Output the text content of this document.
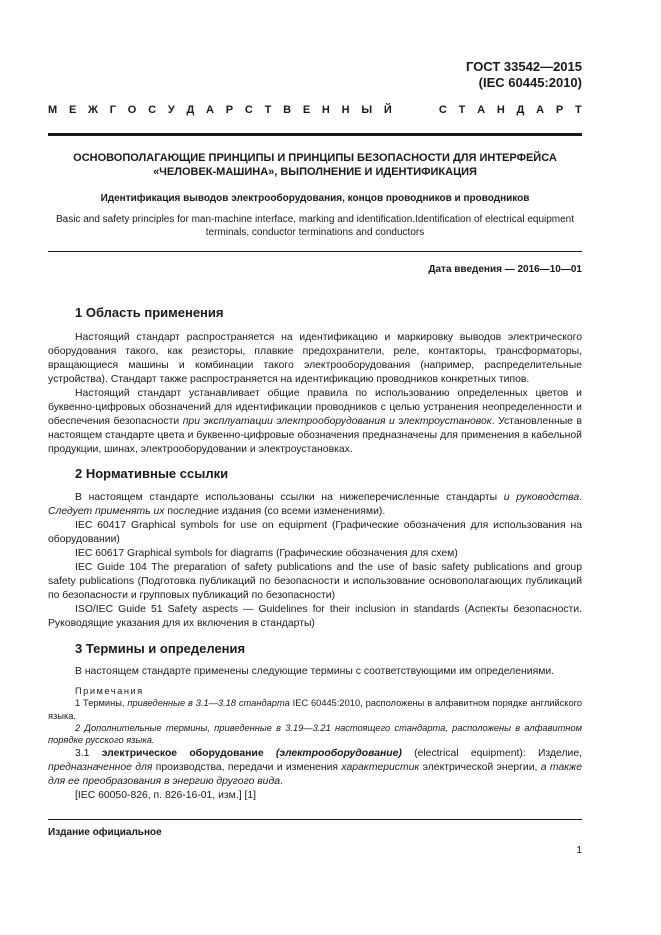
ГОСТ 33542—2015
(IEC 60445:2010)
М Е Ж Г О С У Д А Р С Т В Е Н Н Ы Й	С Т А Н Д А Р Т
ОСНОВОПОЛАГАЮЩИЕ ПРИНЦИПЫ И ПРИНЦИПЫ БЕЗОПАСНОСТИ ДЛЯ ИНТЕРФЕЙСА
«ЧЕЛОВЕК-МАШИНА», ВЫПОЛНЕНИЕ И ИДЕНТИФИКАЦИЯ
Идентификация выводов электрооборудования, концов проводников и проводников
Basic and safety principles for man-machine interface, marking and identification.Identification of electrical equipment
terminals, conductor terminations and conductors
Дата введения — 2016—10—01
1 Область применения

Настоящий стандарт распространяется на идентификацию и маркировку выводов электрического оборудования такого, как резисторы, плавкие предохранители, реле, контакторы, трансформаторы, вращающиеся машины и комбинации такого электрооборудования (например, распределительные устройства). Стандарт также распространяется на идентификацию проводников конкретных типов.

Настоящий стандарт устанавливает общие правила по использованию определенных цветов и буквенно-цифровых обозначений для идентификации проводников с целью устранения неопределенности и обеспечения безопасности при эксплуатации электрооборудования и электроустановок. Установленные в настоящем стандарте цвета и буквенно-цифровые обозначения предназначены для применения в кабельной продукции, шинах, электрооборудовании и электроустановках.

2 Нормативные ссылки

В настоящем стандарте использованы ссылки на нижеперечисленные стандарты и руководства. Следует применять их последние издания (со всеми изменениями).

IEC 60417 Graphical symbols for use on equipment (Графические обозначения для использования на оборудовании)

IEC 60617 Graphical symbols for diagrams (Графические обозначения для схем)

IEC Guide 104 The preparation of safety publications and the use of basic safety publications and group safety publications (Подготовка публикаций по безопасности и использование основополагающих публикаций по безопасности и групповых публикаций по безопасности)

ISO/IEC Guide 51 Safety aspects — Guidelines for their inclusion in standards (Аспекты безопасности. Руководящие указания для их включения в стандарты)

3 Термины и определения

В настоящем стандарте применены следующие термины с соответствующими им определениями.

Примечания

1 Термины, приведенные в 3.1—3.18 стандарта IEC 60445:2010, расположены в алфавитном порядке английского языка.

2 Дополнительные термины, приведенные в 3.19—3.21 настоящего стандарта, расположены в алфавитном порядке русского языка.

3.1 электрическое оборудование (электрооборудование) (electrical equipment): Изделие, предназначенное для производства, передачи и изменения характеристик электрической энергии, а также для ее преобразования в энергию другого вида.

[IEC 60050-826, п. 826-16-01, изм.] [1]

Издание официальное
1
